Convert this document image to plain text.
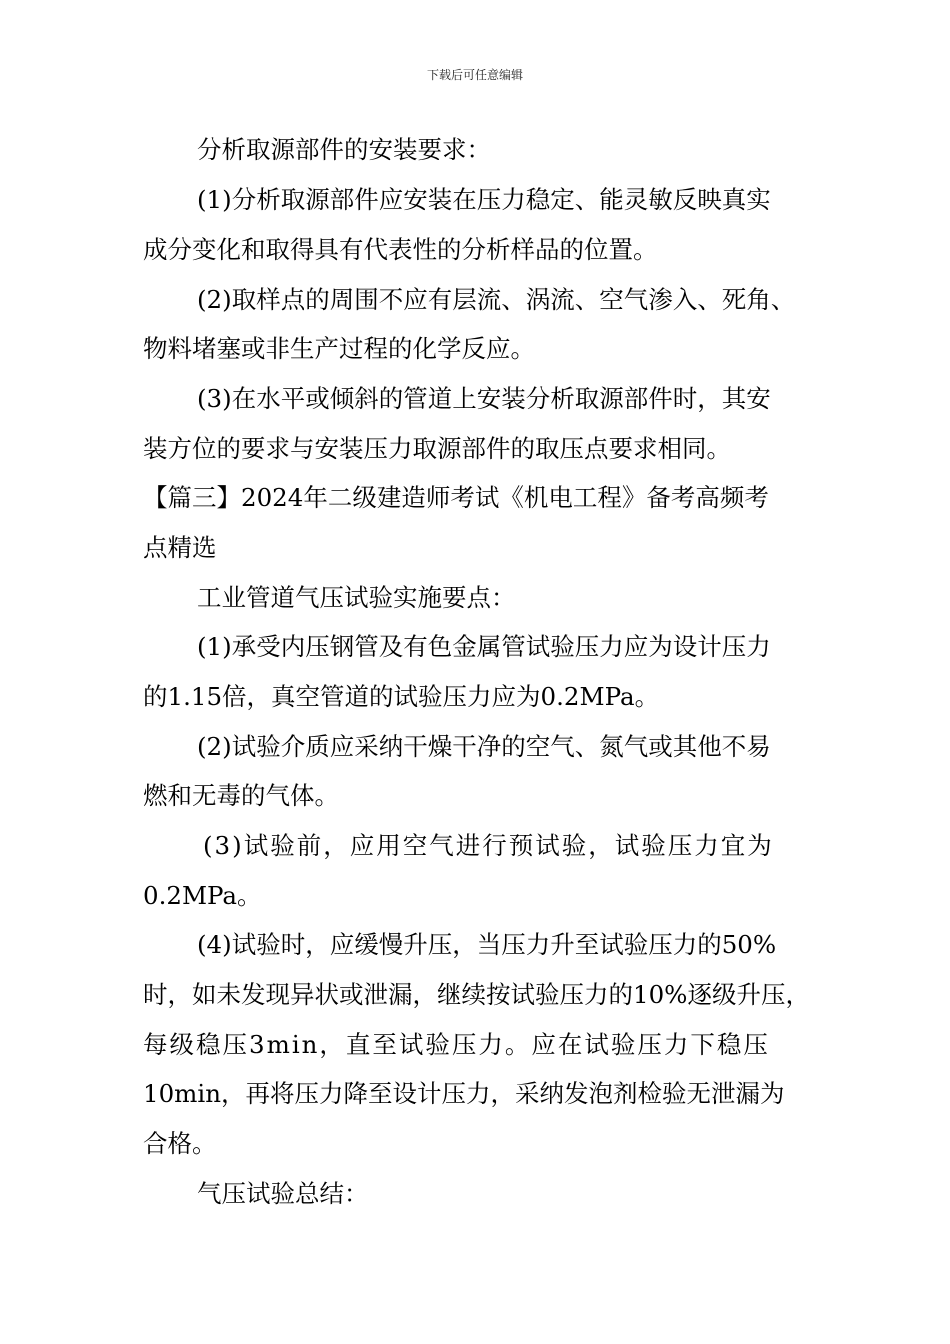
下载后可任意编辑
分析取源部件的安装要求：
(1)分析取源部件应安装在压力稳定、能灵敏反映真实
成分变化和取得具有代表性的分析样品的位置。
(2)取样点的周围不应有层流、涡流、空气渗入、死角、
物料堵塞或非生产过程的化学反应。
(3)在水平或倾斜的管道上安装分析取源部件时，其安
装方位的要求与安装压力取源部件的取压点要求相同。
【篇三】2024年二级建造师考试《机电工程》备考高频考
点精选
工业管道气压试验实施要点：
(1)承受内压钢管及有色金属管试验压力应为设计压力
的1.15倍，真空管道的试验压力应为0.2MPa。
(2)试验介质应采纳干燥干净的空气、氮气或其他不易
燃和无毒的气体。
(3)试验前，应用空气进行预试验，试验压力宜为
0.2MPa。
(4)试验时，应缓慢升压，当压力升至试验压力的50%
时，如未发现异状或泄漏，继续按试验压力的10%逐级升压，
每级稳压3min，直至试验压力。应在试验压力下稳压
10min，再将压力降至设计压力，采纳发泡剂检验无泄漏为
合格。
气压试验总结：
